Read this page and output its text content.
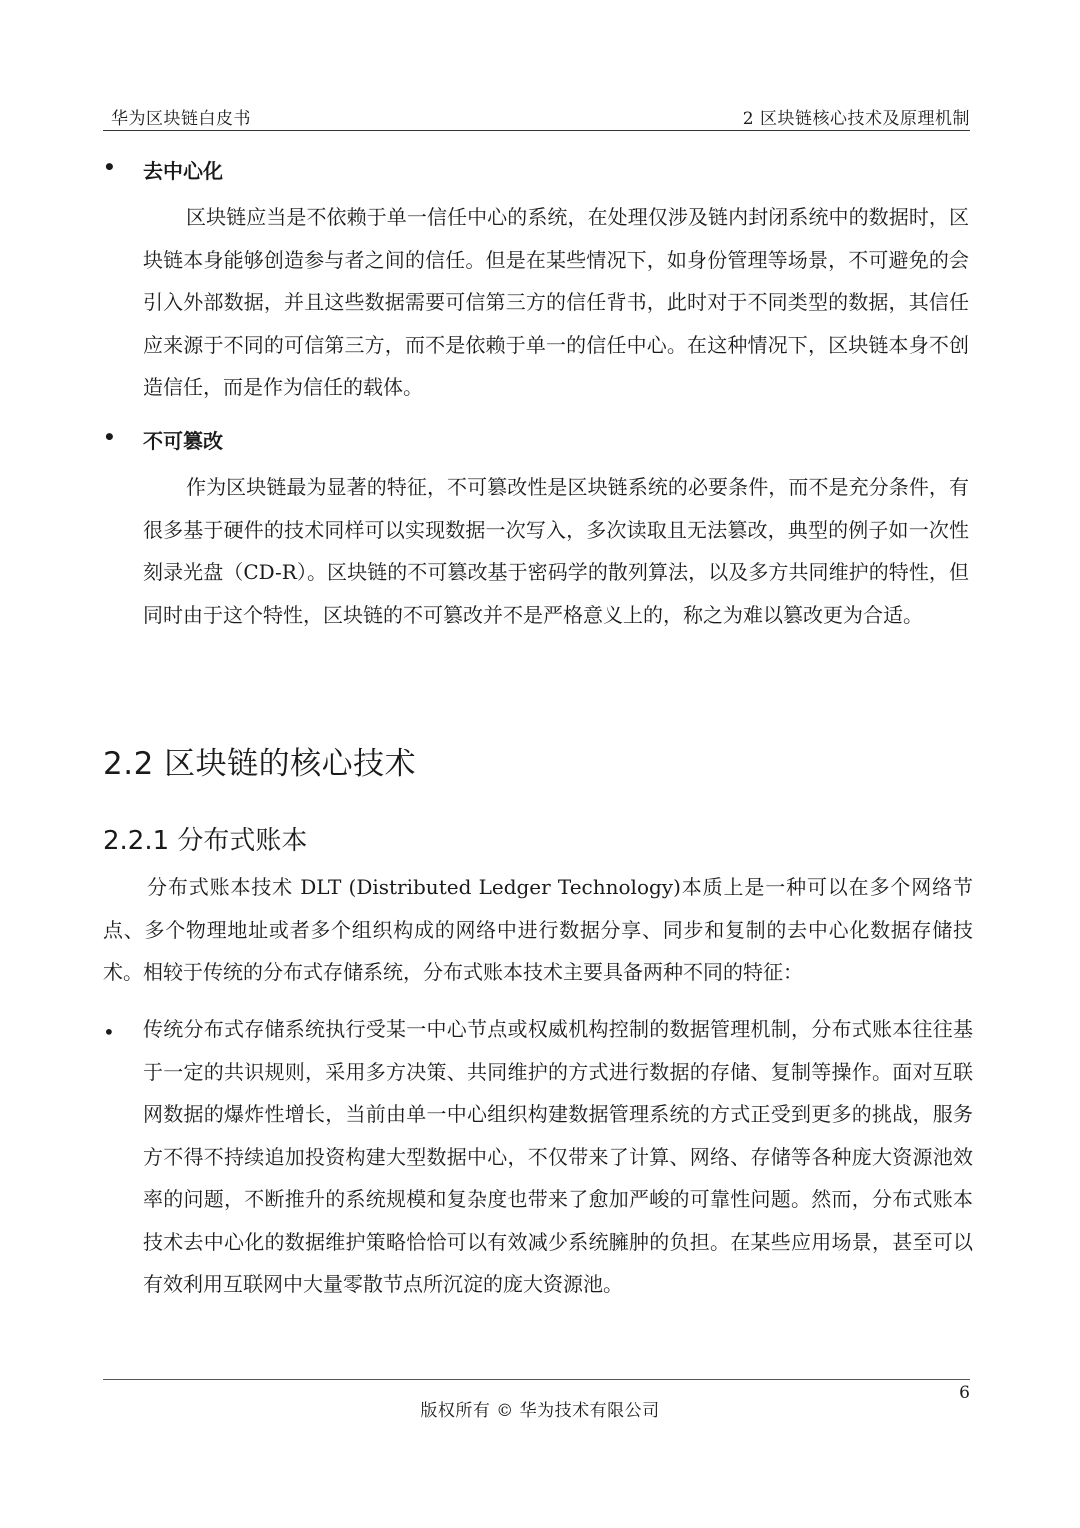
华为区块链白皮书	2 区块链核心技术及原理机制
• 去中心化
区块链应当是不依赖于单一信任中心的系统，在处理仅涉及链内封闭系统中的数据时，区块链本身能够创造参与者之间的信任。但是在某些情况下，如身份管理等场景，不可避免的会引入外部数据，并且这些数据需要可信第三方的信任背书，此时对于不同类型的数据，其信任应来源于不同的可信第三方，而不是依赖于单一的信任中心。在这种情况下，区块链本身不创造信任，而是作为信任的载体。
• 不可篡改
作为区块链最为显著的特征，不可篡改性是区块链系统的必要条件，而不是充分条件，有很多基于硬件的技术同样可以实现数据一次写入，多次读取且无法篡改，典型的例子如一次性刻录光盘（CD-R）。区块链的不可篡改基于密码学的散列算法，以及多方共同维护的特性，但同时由于这个特性，区块链的不可篡改并不是严格意义上的，称之为难以篡改更为合适。
2.2 区块链的核心技术
2.2.1 分布式账本
分布式账本技术 DLT (Distributed Ledger Technology)本质上是一种可以在多个网络节点、多个物理地址或者多个组织构成的网络中进行数据分享、同步和复制的去中心化数据存储技术。相较于传统的分布式存储系统，分布式账本技术主要具备两种不同的特征：
• 传统分布式存储系统执行受某一中心节点或权威机构控制的数据管理机制，分布式账本往往基于一定的共识规则，采用多方决策、共同维护的方式进行数据的存储、复制等操作。面对互联网数据的爆炸性增长，当前由单一中心组织构建数据管理系统的方式正受到更多的挑战，服务方不得不持续追加投资构建大型数据中心，不仅带来了计算、网络、存储等各种庞大资源池效率的问题，不断推升的系统规模和复杂度也带来了愈加严峻的可靠性问题。然而，分布式账本技术去中心化的数据维护策略恰恰可以有效减少系统臃肿的负担。在某些应用场景，甚至可以有效利用互联网中大量零散节点所沉淀的庞大资源池。
6
版权所有 © 华为技术有限公司
